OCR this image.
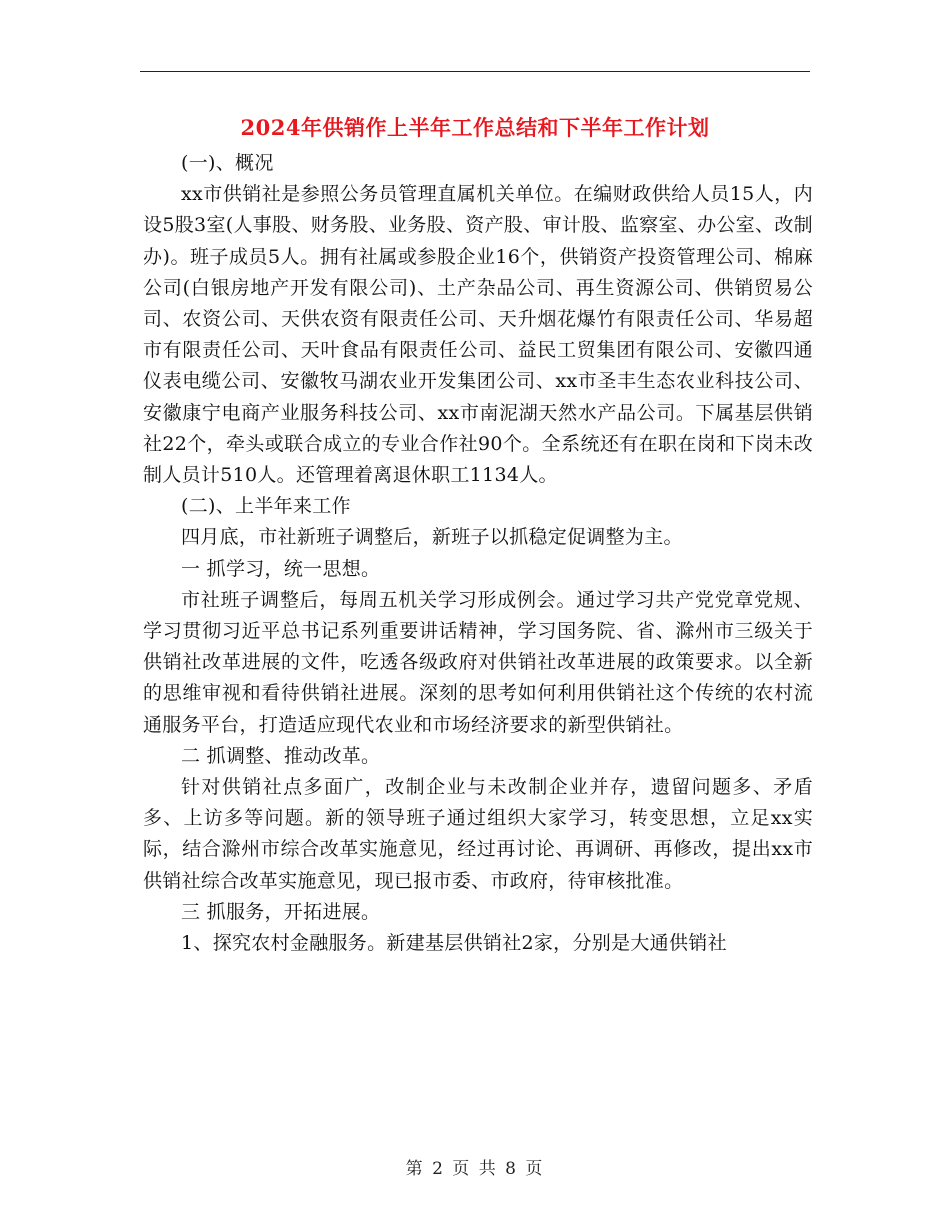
2024年供销作上半年工作总结和下半年工作计划

(一)、概况

xx市供销社是参照公务员管理直属机关单位。在编财政供给人员15人，内设5股3室(人事股、财务股、业务股、资产股、审计股、监察室、办公室、改制办)。班子成员5人。拥有社属或参股企业16个，供销资产投资管理公司、棉麻公司(白银房地产开发有限公司)、土产杂品公司、再生资源公司、供销贸易公司、农资公司、天供农资有限责任公司、天升烟花爆竹有限责任公司、华易超市有限责任公司、天叶食品有限责任公司、益民工贸集团有限公司、安徽四通仪表电缆公司、安徽牧马湖农业开发集团公司、xx市圣丰生态农业科技公司、安徽康宁电商产业服务科技公司、xx市南泥湖天然水产品公司。下属基层供销社22个，牵头或联合成立的专业合作社90个。全系统还有在职在岗和下岗未改制人员计510人。还管理着离退休职工1134人。

(二)、上半年来工作

四月底，市社新班子调整后，新班子以抓稳定促调整为主。

一 抓学习，统一思想。

市社班子调整后，每周五机关学习形成例会。通过学习共产党党章党规、学习贯彻习近平总书记系列重要讲话精神，学习国务院、省、滁州市三级关于供销社改革进展的文件，吃透各级政府对供销社改革进展的政策要求。以全新的思维审视和看待供销社进展。深刻的思考如何利用供销社这个传统的农村流通服务平台，打造适应现代农业和市场经济要求的新型供销社。

二 抓调整、推动改革。

针对供销社点多面广，改制企业与未改制企业并存，遗留问题多、矛盾多、上访多等问题。新的领导班子通过组织大家学习，转变思想，立足xx实际，结合滁州市综合改革实施意见，经过再讨论、再调研、再修改，提出xx市供销社综合改革实施意见，现已报市委、市政府，待审核批准。

三 抓服务，开拓进展。

1、探究农村金融服务。新建基层供销社2家，分别是大通供销社

第 2 页 共 8 页
